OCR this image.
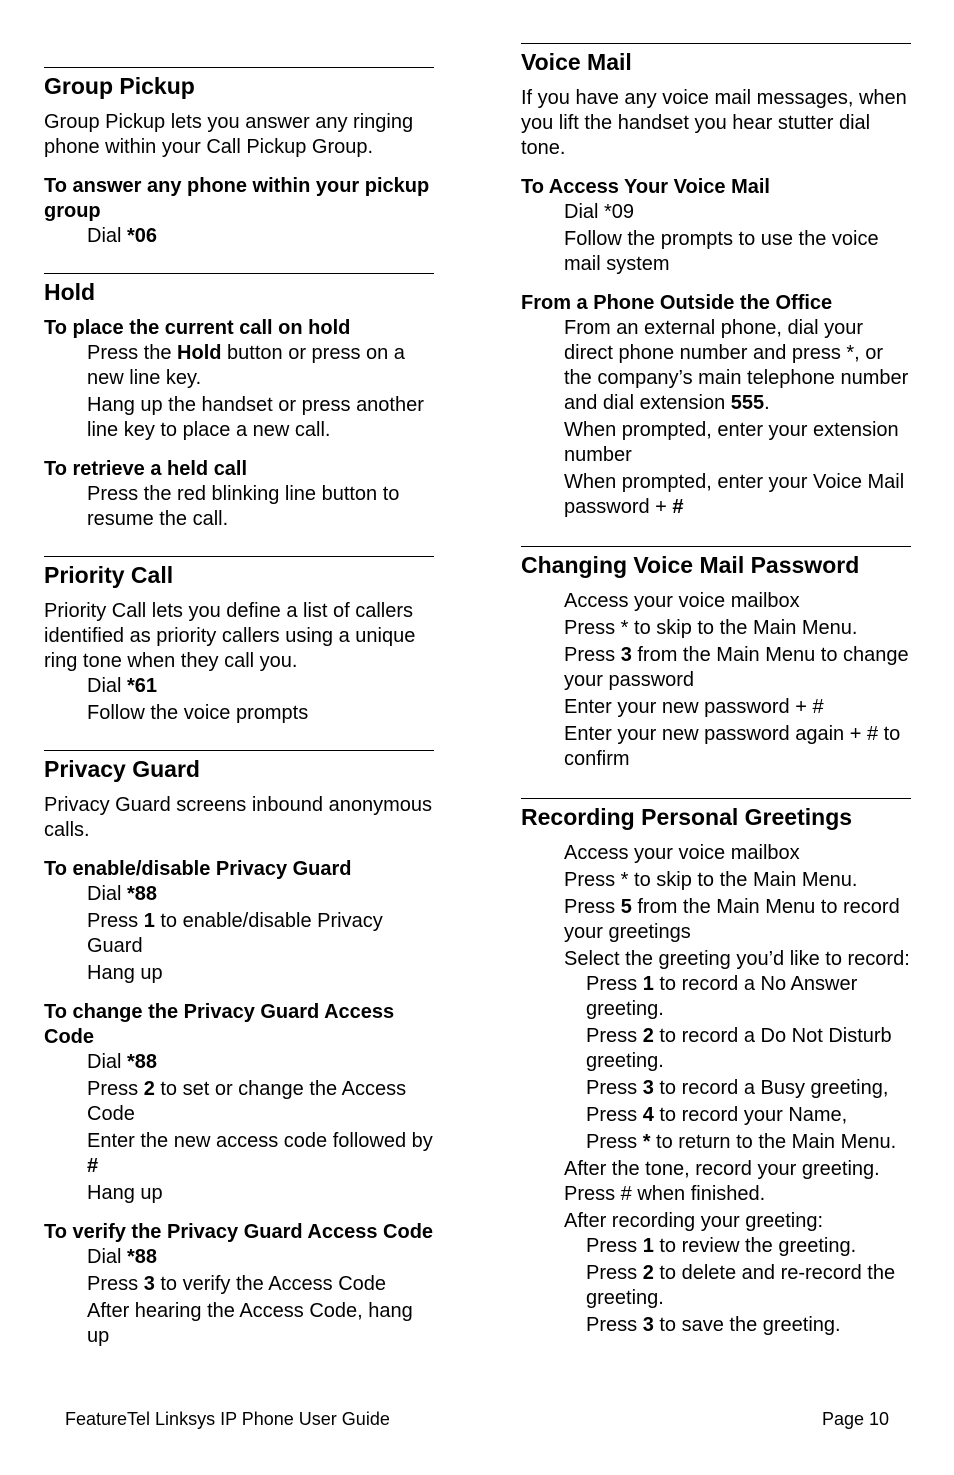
Group Pickup

Group Pickup lets you answer any ringing phone within your Call Pickup Group.

To answer any phone within your pickup group
Dial *06
Hold
To place the current call on hold
Press the Hold button or press on a new line key.
Hang up the handset or press another line key to place a new call.
To retrieve a held call
Press the red blinking line button to resume the call.
Priority Call

Priority Call lets you define a list of callers identified as priority callers using a unique ring tone when they call you.

Dial *61
Follow the voice prompts
Privacy Guard

Privacy Guard screens inbound anonymous calls.

To enable/disable Privacy Guard
Dial *88
Press 1 to enable/disable Privacy Guard
Hang up
To change the Privacy Guard Access Code
Dial *88
Press 2 to set or change the Access Code
Enter the new access code followed by #
Hang up
To verify the Privacy Guard Access Code
Dial *88
Press 3 to verify the Access Code
After hearing the Access Code, hang up
Voice Mail

If you have any voice mail messages, when you lift the handset you hear stutter dial tone.

To Access Your Voice Mail
Dial *09
Follow the prompts to use the voice mail system
From a Phone Outside the Office
From an external phone, dial your direct phone number and press *, or the company’s main telephone number and dial extension 555.
When prompted, enter your extension number
When prompted, enter your Voice Mail password + #
Changing Voice Mail Password
Access your voice mailbox
Press * to skip to the Main Menu.
Press 3 from the Main Menu to change your password
Enter your new password + #
Enter your new password again + # to confirm
Recording Personal Greetings
Access your voice mailbox
Press * to skip to the Main Menu.
Press 5 from the Main Menu to record your greetings
Select the greeting you’d like to record:
Press 1 to record a No Answer greeting.
Press 2 to record a Do Not Disturb greeting.
Press 3 to record a Busy greeting,
Press 4 to record your Name,
Press * to return to the Main Menu.
After the tone, record your greeting. Press # when finished.
After recording your greeting:
Press 1 to review the greeting.
Press 2 to delete and re-record the greeting.
Press 3 to save the greeting.
FeatureTel Linksys IP Phone User Guide	Page 10
